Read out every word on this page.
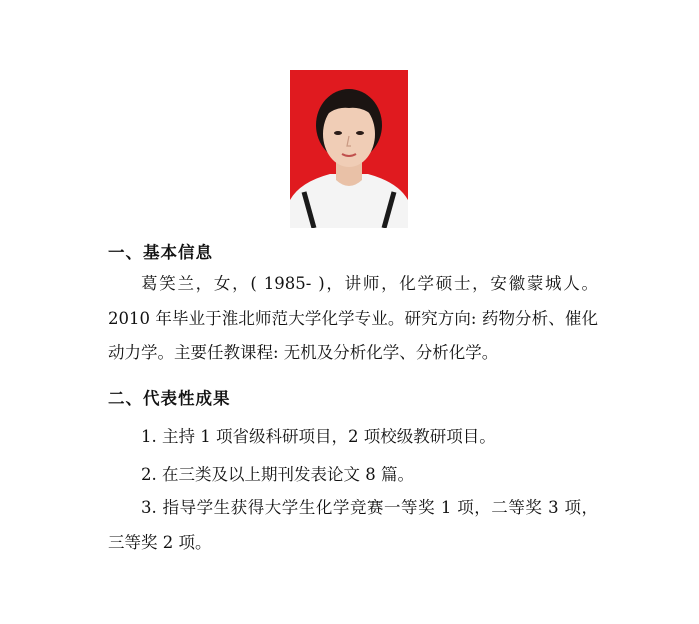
一、基本信息
葛笑兰，女，( 1985- )，讲师，化学硕士，安徽蒙城人。2010 年毕业于淮北师范大学化学专业。研究方向: 药物分析、催化动力学。主要任教课程: 无机及分析化学、分析化学。
二、代表性成果
1. 主持 1 项省级科研项目，2 项校级教研项目。
2. 在三类及以上期刊发表论文 8 篇。
3. 指导学生获得大学生化学竞赛一等奖 1 项，二等奖 3 项，三等奖 2 项。
